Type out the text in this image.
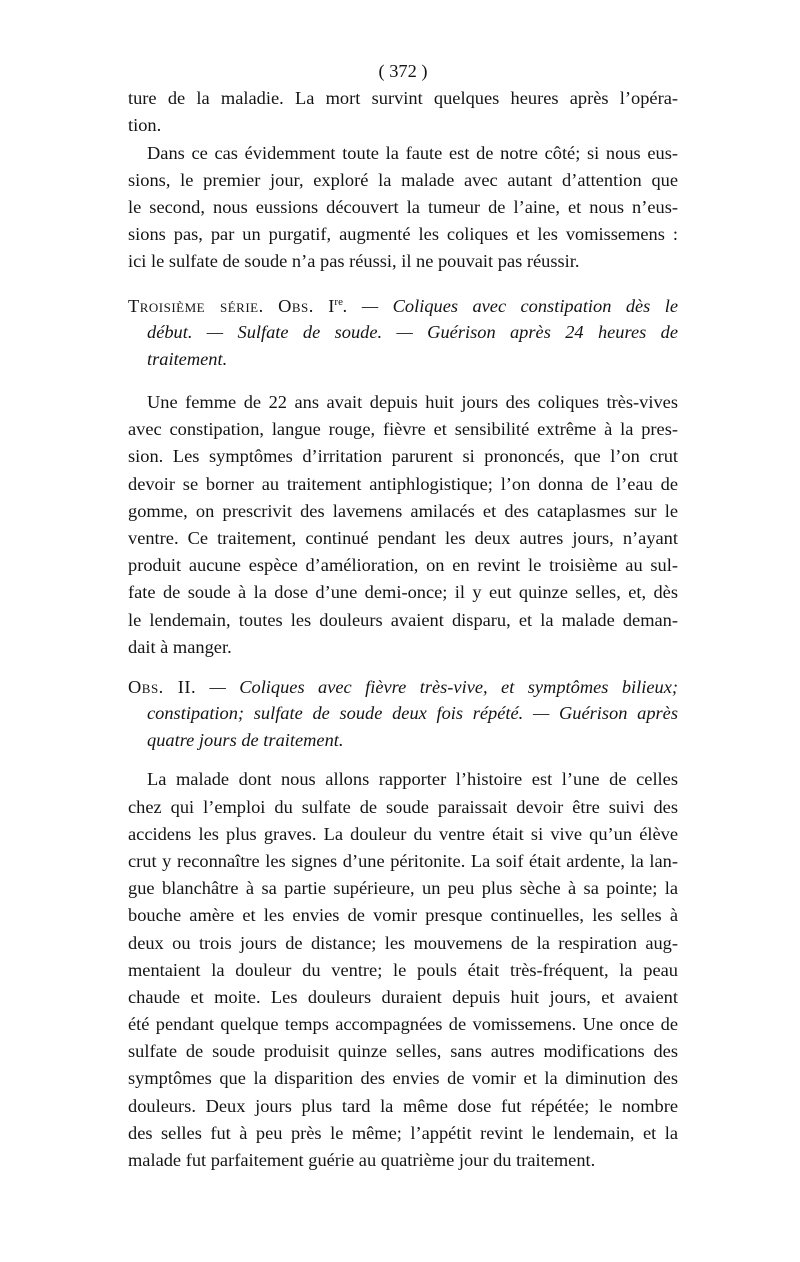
( 372 )
ture de la maladie. La mort survint quelques heures après l’opéra-
tion.
Dans ce cas évidemment toute la faute est de notre côté; si nous eus-
sions, le premier jour, exploré la malade avec autant d’attention que
le second, nous eussions découvert la tumeur de l’aine, et nous n’eus-
sions pas, par un purgatif, augmenté les coliques et les vomissemens :
ici le sulfate de soude n’a pas réussi, il ne pouvait pas réussir.
Troisième série. Obs. Ire. — Coliques avec constipation dès le
début. — Sulfate de soude. — Guérison après 24 heures de
traitement.
Une femme de 22 ans avait depuis huit jours des coliques très-vives
avec constipation, langue rouge, fièvre et sensibilité extrême à la pres-
sion. Les symptômes d’irritation parurent si prononcés, que l’on crut
devoir se borner au traitement antiphlogistique; l’on donna de l’eau de
gomme, on prescrivit des lavemens amilacés et des cataplasmes sur le
ventre. Ce traitement, continué pendant les deux autres jours, n’ayant
produit aucune espèce d’amélioration, on en revint le troisième au sul-
fate de soude à la dose d’une demi-once; il y eut quinze selles, et, dès
le lendemain, toutes les douleurs avaient disparu, et la malade deman-
dait à manger.
Obs. II. — Coliques avec fièvre très-vive, et symptômes bilieux;
constipation; sulfate de soude deux fois répété. — Guérison après
quatre jours de traitement.
La malade dont nous allons rapporter l’histoire est l’une de celles
chez qui l’emploi du sulfate de soude paraissait devoir être suivi des
accidens les plus graves. La douleur du ventre était si vive qu’un élève
crut y reconnaître les signes d’une péritonite. La soif était ardente, la lan-
gue blanchâtre à sa partie supérieure, un peu plus sèche à sa pointe; la
bouche amère et les envies de vomir presque continuelles, les selles à
deux ou trois jours de distance; les mouvemens de la respiration aug-
mentaient la douleur du ventre; le pouls était très-fréquent, la peau
chaude et moite. Les douleurs duraient depuis huit jours, et avaient
été pendant quelque temps accompagnées de vomissemens. Une once de
sulfate de soude produisit quinze selles, sans autres modifications des
symptômes que la disparition des envies de vomir et la diminution des
douleurs. Deux jours plus tard la même dose fut répétée; le nombre
des selles fut à peu près le même; l’appétit revint le lendemain, et la
malade fut parfaitement guérie au quatrième jour du traitement.
